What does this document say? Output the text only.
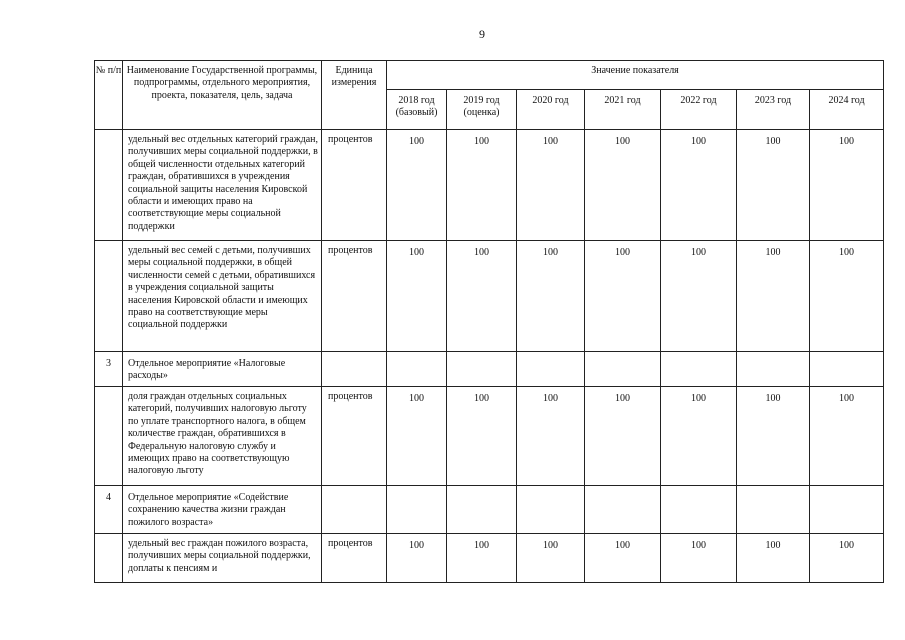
9
№ п/п	Наименование Государственной программы, подпрограммы, отдельного мероприятия, проекта, показателя, цель, задача	Единица измерения	Значение показателя						
			2018 год (базовый)	2019 год (оценка)	2020 год	2021 год	2022 год	2023 год	2024 год
	удельный вес отдельных категорий граждан, получивших меры социальной поддержки, в общей численности отдельных категорий граждан, обратившихся в учреждения социальной защиты населения Кировской области и имеющих право на соответствующие меры социальной поддержки	процентов	100	100	100	100	100	100	100
	удельный вес семей с детьми, получивших меры социальной поддержки, в общей численности семей с детьми, обратившихся в учреждения социальной защиты населения Кировской области и имеющих право на соответствующие меры социальной поддержки	процентов	100	100	100	100	100	100	100
3	Отдельное мероприятие «Налоговые расходы»								
	доля граждан отдельных социальных категорий, получивших налоговую льготу по уплате транспортного налога, в общем количестве граждан, обратившихся в Федеральную налоговую службу и имеющих право на соответствующую налоговую льготу	процентов	100	100	100	100	100	100	100
4	Отдельное мероприятие «Содействие сохранению качества жизни граждан пожилого возраста»								
	удельный вес граждан пожилого возраста, получивших меры социальной поддержки, доплаты к пенсиям и	процентов	100	100	100	100	100	100	100
